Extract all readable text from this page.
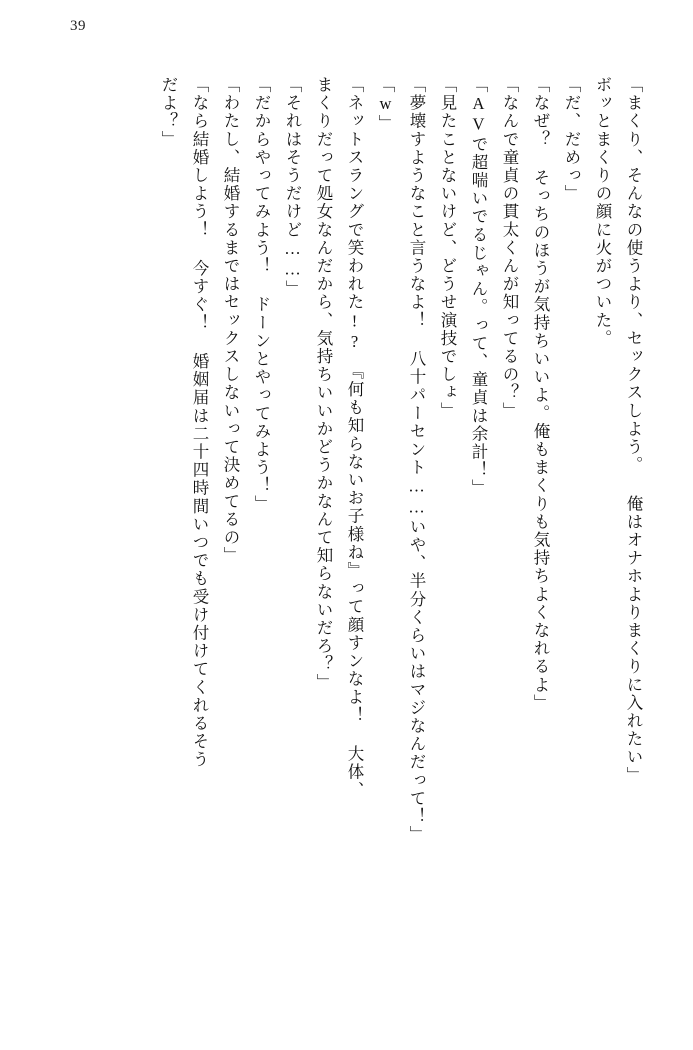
39
「まくり、そんなの使うより、セックスしよう。 俺はオナホよりまくりに入れたい」
ボッとまくりの顔に火がついた。
「だ、だめっ」
「なぜ？ そっちのほうが気持ちいいよ。俺もまくりも気持ちよくなれるよ」
「なんで童貞の貫太くんが知ってるの？」
「AVで超喘いでるじゃん。って、童貞は余計！」
「見たことないけど、どうせ演技でしょ」
「夢壊すようなこと言うなよ！ 八十パーセント……いや、半分くらいはマジなんだって！」
「w」
「ネットスラングで笑われた!?　『何も知らないお子様ね』って顔すンなよ！ 大体、
まくりだって処女なんだから、気持ちいいかどうかなんて知らないだろ？」
「それはそうだけど……」
「だからやってみよう！ ドーンとやってみよう！」
「わたし、結婚するまではセックスしないって決めてるの」
「なら結婚しよう！ 今すぐ！ 婚姻届は二十四時間いつでも受け付けてくれるそう
だよ？」
